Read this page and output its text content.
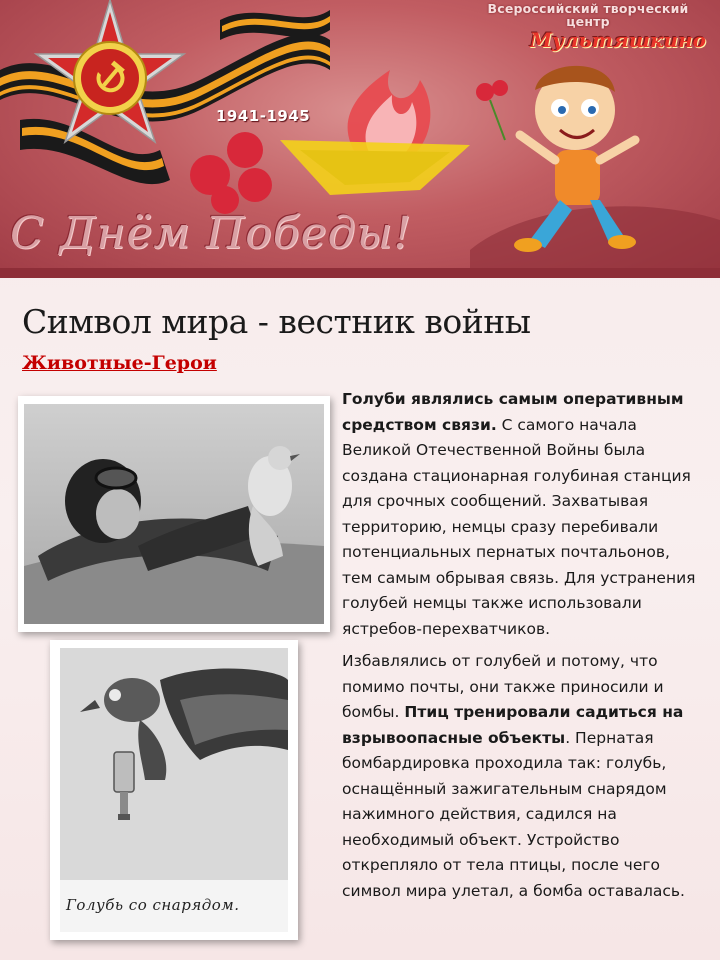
Всероссийский творческий центр
Мультяшкино
1941-1945
С Днём Победы!
Символ мира - вестник войны
Животные-Герои
Голубь со снарядом.

Голуби являлись самым оперативным средством связи. С самого начала Великой Отечественной Войны была создана стационарная голубиная станция для срочных сообщений. Захватывая территорию, немцы сразу перебивали потенциальных пернатых почтальонов, тем самым обрывая связь. Для устранения голубей немцы также использовали ястребов-перехватчиков.

Избавлялись от голубей и потому, что помимо почты, они также приносили и бомбы. Птиц тренировали садиться на взрывоопасные объекты. Пернатая бомбардировка проходила так: голубь, оснащённый зажигательным снарядом нажимного действия, садился на необходимый объект. Устройство открепляло от тела птицы, после чего символ мира улетал, а бомба оставалась.
